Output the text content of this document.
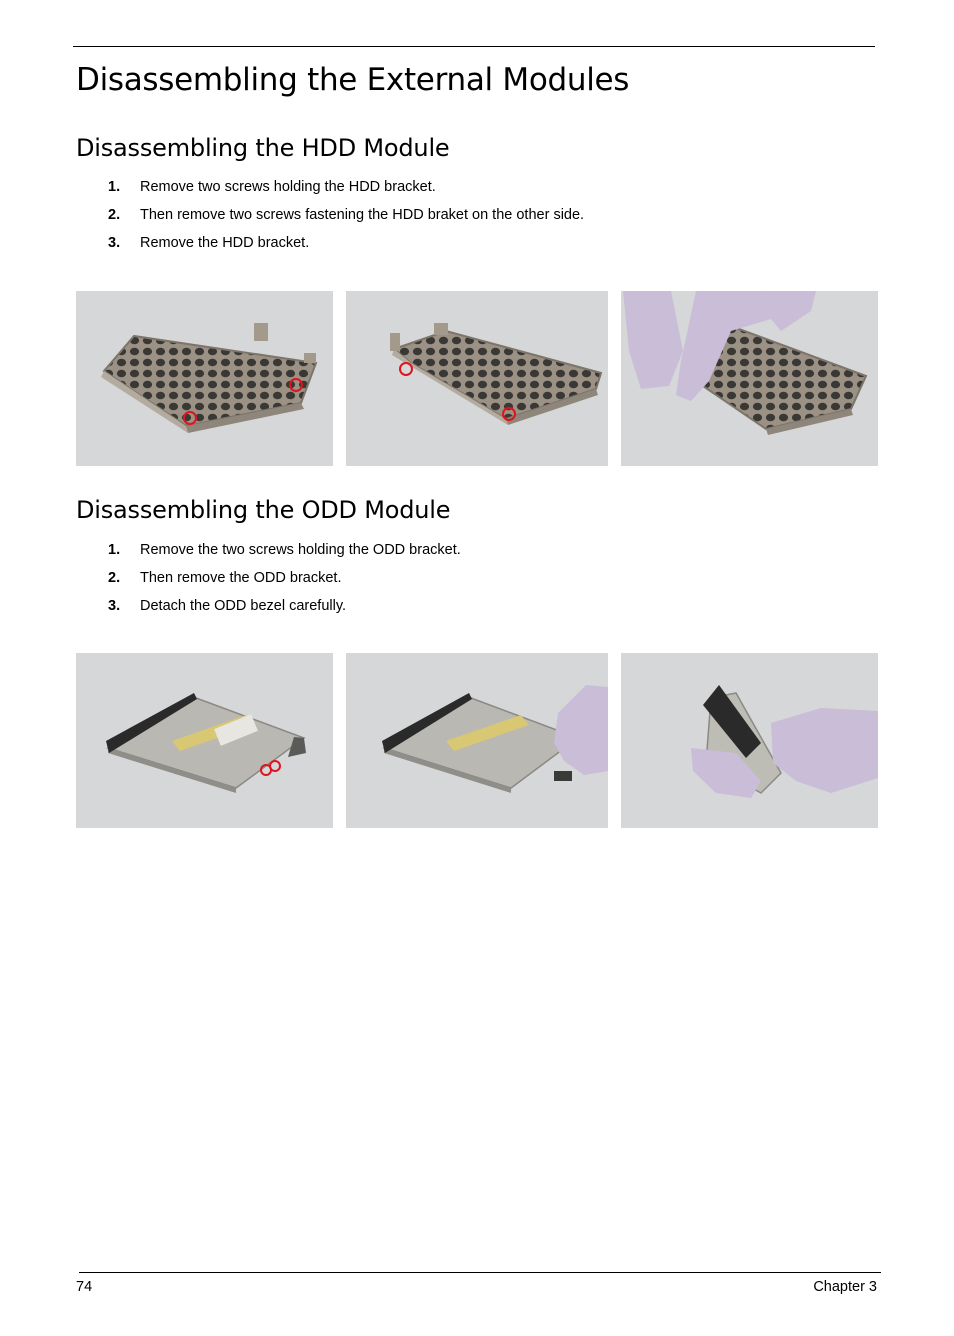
Disassembling the External Modules
Disassembling the HDD Module
1. Remove two screws holding the HDD bracket.
2. Then remove two screws fastening the HDD braket on the other side.
3. Remove the HDD bracket.
Disassembling the ODD Module
1. Remove the two screws holding the ODD bracket.
2. Then remove the ODD bracket.
3. Detach the ODD bezel carefully.
74	Chapter 3
